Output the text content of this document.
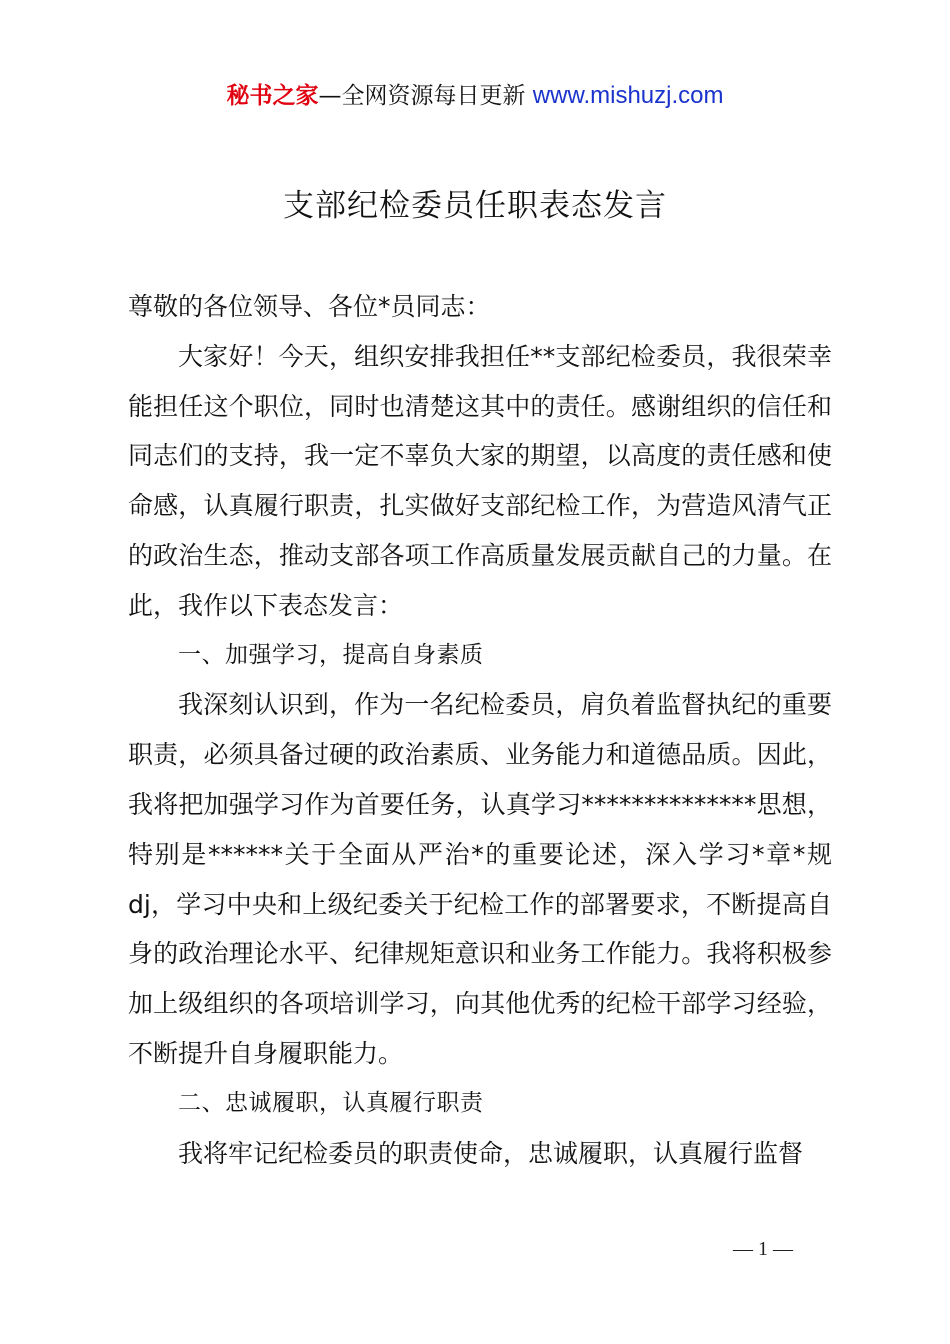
秘书之家—全网资源每日更新 www.mishuzj.com
支部纪检委员任职表态发言

尊敬的各位领导、各位*员同志：

大家好！今天，组织安排我担任**支部纪检委员，我很荣幸能担任这个职位，同时也清楚这其中的责任。感谢组织的信任和同志们的支持，我一定不辜负大家的期望，以高度的责任感和使命感，认真履行职责，扎实做好支部纪检工作，为营造风清气正的政治生态，推动支部各项工作高质量发展贡献自己的力量。在此，我作以下表态发言：

一、加强学习，提高自身素质

我深刻认识到，作为一名纪检委员，肩负着监督执纪的重要职责，必须具备过硬的政治素质、业务能力和道德品质。因此，我将把加强学习作为首要任务，认真学习**************思想，特别是******关于全面从严治*的重要论述，深入学习*章*规 dj，学习中央和上级纪委关于纪检工作的部署要求，不断提高自身的政治理论水平、纪律规矩意识和业务工作能力。我将积极参加上级组织的各项培训学习，向其他优秀的纪检干部学习经验，不断提升自身履职能力。

二、忠诚履职，认真履行职责

我将牢记纪检委员的职责使命，忠诚履职，认真履行监督

— 1 —
